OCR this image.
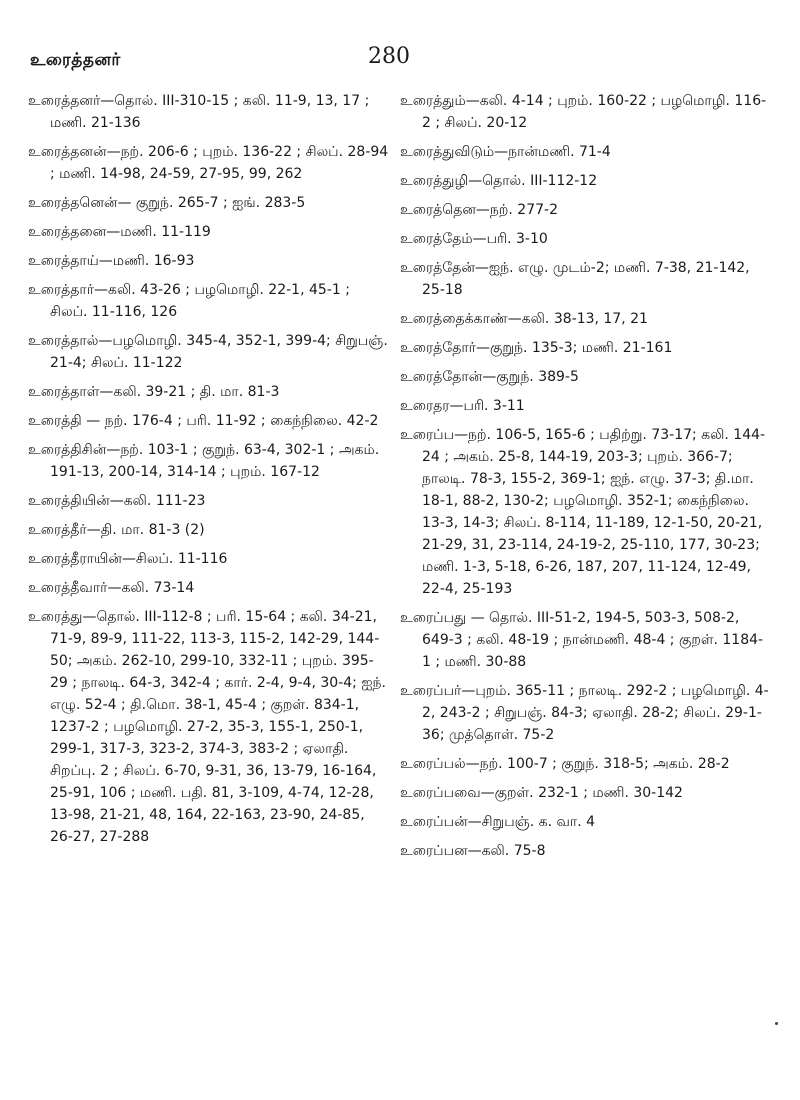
உரைத்தனர்	280

உரைத்தனர்—தொல். III-310-15 ; கலி. 11-9, 13, 17 ; மணி. 21-136

உரைத்தனன்—நற். 206-6 ; புறம். 136-22 ; சிலப். 28-94 ; மணி. 14-98, 24-59, 27-95, 99, 262

உரைத்தனென்— குறுந். 265-7 ; ஐங். 283-5

உரைத்தனை—மணி. 11-119

உரைத்தாய்—மணி. 16-93

உரைத்தார்—கலி. 43-26 ; பழமொழி. 22-1, 45-1 ; சிலப். 11-116, 126

உரைத்தால்—பழமொழி. 345-4, 352-1, 399-4; சிறுபஞ். 21-4; சிலப். 11-122

உரைத்தாள்—கலி. 39-21 ; தி. மா. 81-3

உரைத்தி — நற். 176-4 ; பரி. 11-92 ; கைந்நிலை. 42-2

உரைத்திசின்—நற். 103-1 ; குறுந். 63-4, 302-1 ; அகம். 191-13, 200-14, 314-14 ; புறம். 167-12

உரைத்தியின்—கலி. 111-23

உரைத்தீர்—தி. மா. 81-3 (2)

உரைத்தீராயின்—சிலப். 11-116

உரைத்தீவார்—கலி. 73-14

உரைத்து—தொல். III-112-8 ; பரி. 15-64 ; கலி. 34-21, 71-9, 89-9, 111-22, 113-3, 115-2, 142-29, 144-50; அகம். 262-10, 299-10, 332-11 ; புறம். 395-29 ; நாலடி. 64-3, 342-4 ; கார். 2-4, 9-4, 30-4; ஐந். எழு. 52-4 ; தி.மொ. 38-1, 45-4 ; குறள். 834-1, 1237-2 ; பழமொழி. 27-2, 35-3, 155-1, 250-1, 299-1, 317-3, 323-2, 374-3, 383-2 ; ஏலாதி. சிறப்பு. 2 ; சிலப். 6-70, 9-31, 36, 13-79, 16-164, 25-91, 106 ; மணி. பதி. 81, 3-109, 4-74, 12-28, 13-98, 21-21, 48, 164, 22-163, 23-90, 24-85, 26-27, 27-288

உரைத்தும்—கலி. 4-14 ; புறம். 160-22 ; பழமொழி. 116-2 ; சிலப். 20-12

உரைத்துவிடும்—நான்மணி. 71-4

உரைத்துழி—தொல். III-112-12

உரைத்தென—நற். 277-2

உரைத்தேம்—பரி. 3-10

உரைத்தேன்—ஐந். எழு. முடம்-2; மணி. 7-38, 21-142, 25-18

உரைத்தைக்காண்—கலி. 38-13, 17, 21

உரைத்தோர்—குறுந். 135-3; மணி. 21-161

உரைத்தோன்—குறுந். 389-5

உரைதர—பரி. 3-11

உரைப்ப—நற். 106-5, 165-6 ; பதிற்று. 73-17; கலி. 144-24 ; அகம். 25-8, 144-19, 203-3; புறம். 366-7; நாலடி. 78-3, 155-2, 369-1; ஐந். எழு. 37-3; தி.மா. 18-1, 88-2, 130-2; பழமொழி. 352-1; கைந்நிலை. 13-3, 14-3; சிலப். 8-114, 11-189, 12-1-50, 20-21, 21-29, 31, 23-114, 24-19-2, 25-110, 177, 30-23; மணி. 1-3, 5-18, 6-26, 187, 207, 11-124, 12-49, 22-4, 25-193

உரைப்பது — தொல். III-51-2, 194-5, 503-3, 508-2, 649-3 ; கலி. 48-19 ; நான்மணி. 48-4 ; குறள். 1184-1 ; மணி. 30-88

உரைப்பர்—புறம். 365-11 ; நாலடி. 292-2 ; பழமொழி. 4-2, 243-2 ; சிறுபஞ். 84-3; ஏலாதி. 28-2; சிலப். 29-1-36; முத்தொள். 75-2

உரைப்பல்—நற். 100-7 ; குறுந். 318-5; அகம். 28-2

உரைப்பவை—குறள். 232-1 ; மணி. 30-142

உரைப்பன்—சிறுபஞ். க. வா. 4

உரைப்பன—கலி. 75-8
